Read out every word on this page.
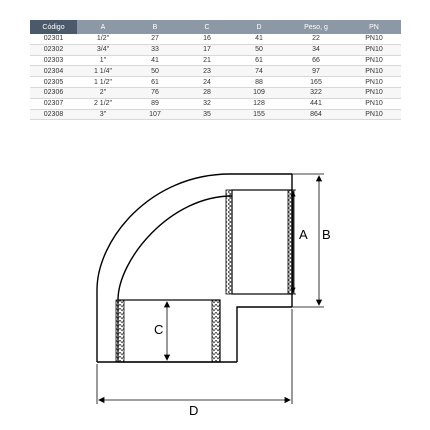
Código	A	B	C	D	Peso, g	PN
02301	1/2"	27	16	41	22	PN10
02302	3/4"	33	17	50	34	PN10
02303	1"	41	21	61	66	PN10
02304	1 1/4"	50	23	74	97	PN10
02305	1 1/2"	61	24	88	165	PN10
02306	2"	76	28	109	322	PN10
02307	2 1/2"	89	32	128	441	PN10
02308	3"	107	35	155	864	PN10
A B
C
D
